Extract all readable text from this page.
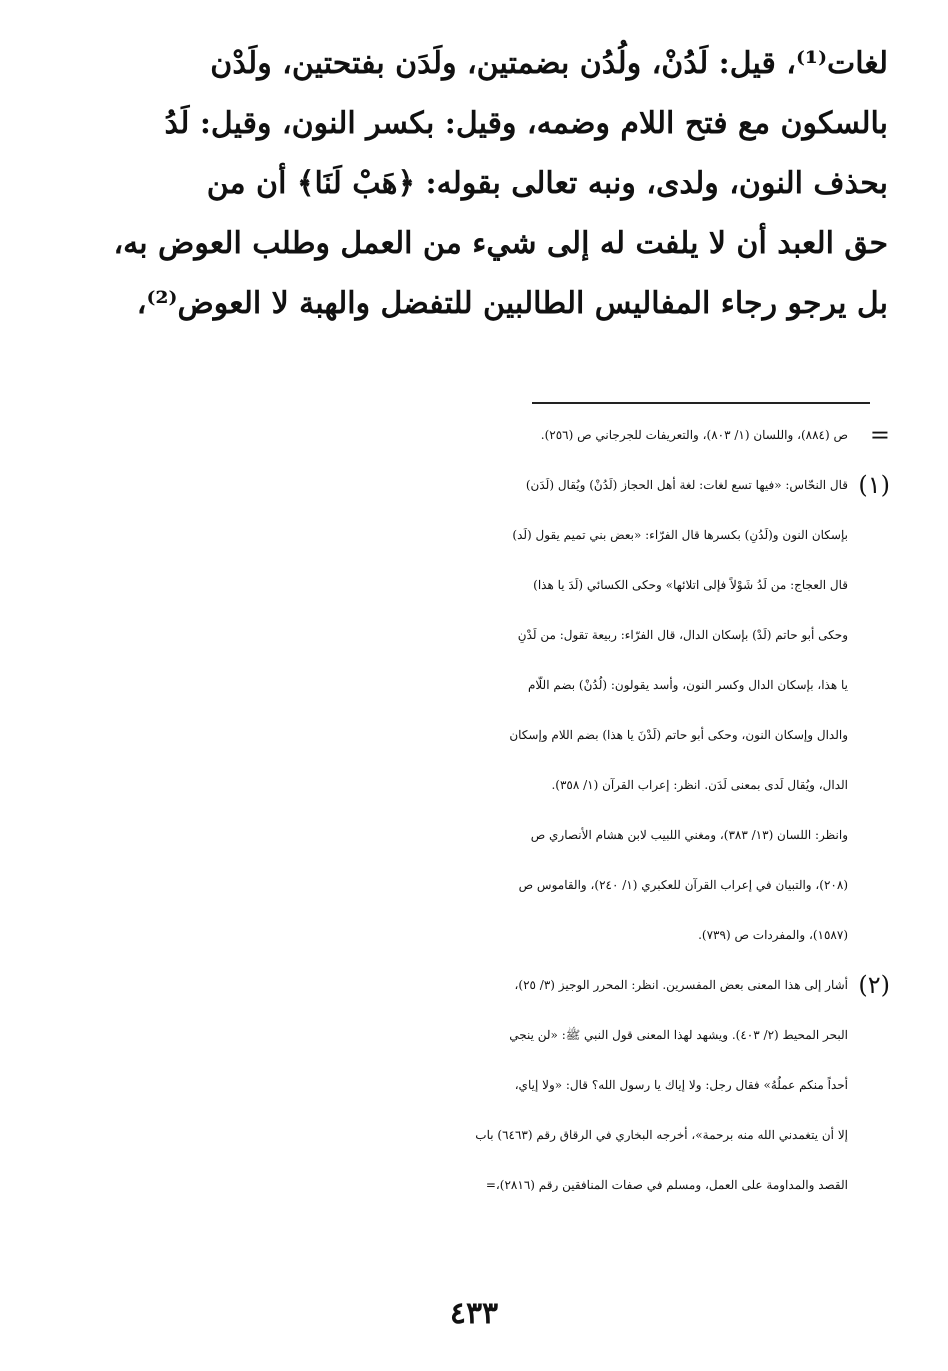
لغات⁽¹⁾، قيل: لَدُنْ، ولُدُن بضمتين، ولَدَن بفتحتين، ولَدْن
بالسكون مع فتح اللام وضمه، وقيل: بكسر النون، وقيل: لَدُ
بحذف النون، ولدى، ونبه تعالى بقوله: ﴿هَبْ لَنَا﴾ أن من
حق العبد أن لا يلفت له إلى شيء من العمل وطلب العوض به،
بل يرجو رجاء المفاليس الطالبين للتفضل والهبة لا العوض⁽²⁾،
=
ص (٨٨٤)، واللسان (١/ ٨٠٣)، والتعريفات للجرجاني ص (٢٥٦).
(١)
قال النحّاس: «فيها تسع لغات: لغة أهل الحجاز (لَدُنْ) ويُقال (لَدَن)
بإسكان النون و(لَدُنِ) بكسرها قال الفرّاء: «بعض بني تميم يقول (لَد)
قال العجاج: من لَدُ شَوْلاً فإلى اتلائها» وحكى الكسائي (لَدَ يا هذا)
وحكى أبو حاتم (لَدْ) بإسكان الدال، قال الفرّاء: ربيعة تقول: من لَدْنِ
يا هذا، بإسكان الدال وكسر النون، وأسد يقولون: (لُدُنْ) بضم اللّام
والدال وإسكان النون، وحكى أبو حاتم (لَدْنَ يا هذا) بضم اللام وإسكان
الدال، ويُقال لَدى بمعنى لَدَن. انظر: إعراب القرآن (١/ ٣٥٨).
وانظر: اللسان (١٣/ ٣٨٣)، ومغني اللبيب لابن هشام الأنصاري ص
(٢٠٨)، والتبيان في إعراب القرآن للعكبري (١/ ٢٤٠)، والقاموس ص
(١٥٨٧)، والمفردات ص (٧٣٩).
(٢)
أشار إلى هذا المعنى بعض المفسرين. انظر: المحرر الوجيز (٣/ ٢٥)،
البحر المحيط (٢/ ٤٠٣). ويشهد لهذا المعنى قول النبي ﷺ: «لن ينجي
أحداً منكم عملُهُ» فقال رجل: ولا إياك يا رسول الله؟ قال: «ولا إياي،
إلا أن يتغمدني الله منه برحمة»، أخرجه البخاري في الرقاق رقم (٦٤٦٣) باب
القصد والمداومة على العمل، ومسلم في صفات المنافقين رقم (٢٨١٦)،=
٤٣٣
